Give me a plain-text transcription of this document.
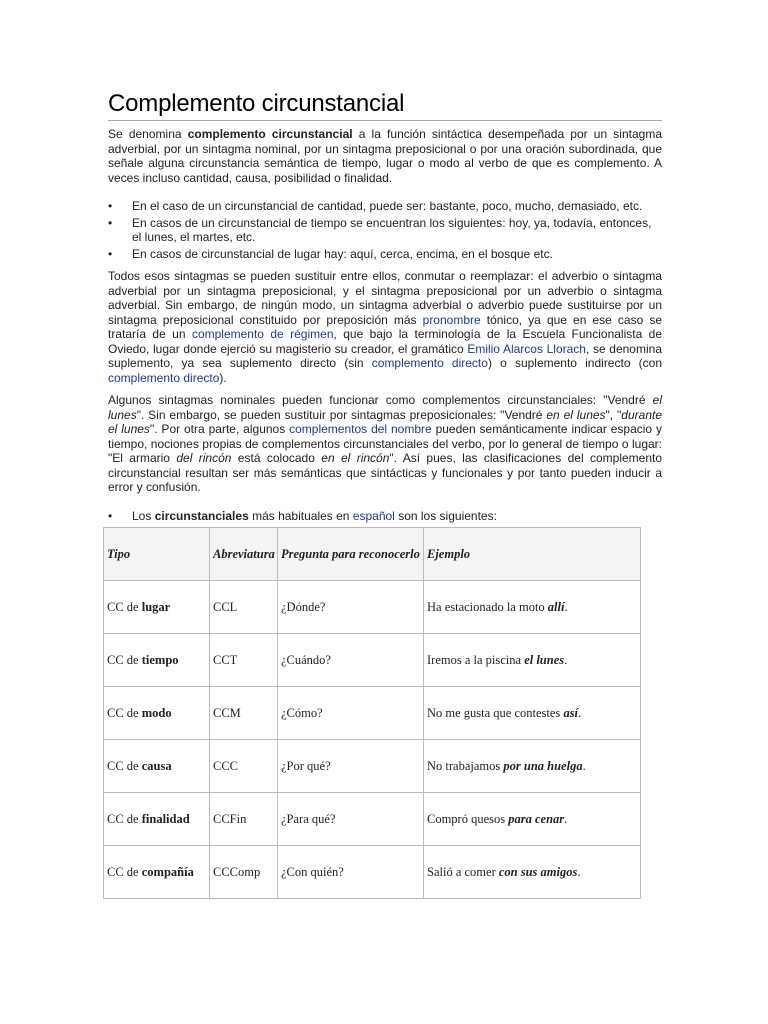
Complemento circunstancial

Se denomina complemento circunstancial a la función sintáctica desempeñada por un sintagma adverbial, por un sintagma nominal, por un sintagma preposicional o por una oración subordinada, que señale alguna circunstancia semántica de tiempo, lugar o modo al verbo de que es complemento. A veces incluso cantidad, causa, posibilidad o finalidad.

• En el caso de un circunstancial de cantidad, puede ser: bastante, poco, mucho, demasiado, etc.
• En casos de un circunstancial de tiempo se encuentran los siguientes: hoy, ya, todavía, entonces, el lunes, el martes, etc.
• En casos de circunstancial de lugar hay: aquí, cerca, encima, en el bosque etc.

Todos esos sintagmas se pueden sustituir entre ellos, conmutar o reemplazar: el adverbio o sintagma adverbial por un sintagma preposicional, y el sintagma preposicional por un adverbio o sintagma adverbial. Sin embargo, de ningún modo, un sintagma adverbial o adverbio puede sustituirse por un sintagma preposicional constituido por preposición más pronombre tónico, ya que en ese caso se trataría de un complemento de régimen, que bajo la terminología de la Escuela Funcionalista de Oviedo, lugar donde ejerció su magisterio su creador, el gramático Emilio Alarcos Llorach, se denomina suplemento, ya sea suplemento directo (sin complemento directo) o suplemento indirecto (con complemento directo).

Algunos sintagmas nominales pueden funcionar como complementos circunstanciales: "Vendré el lunes". Sin embargo, se pueden sustituir por sintagmas preposicionales: "Vendré en el lunes", "durante el lunes". Por otra parte, algunos complementos del nombre pueden semánticamente indicar espacio y tiempo, nociones propias de complementos circunstanciales del verbo, por lo general de tiempo o lugar: "El armario del rincón está colocado en el rincón". Así pues, las clasificaciones del complemento circunstancial resultan ser más semánticas que sintácticas y funcionales y por tanto pueden inducir a error y confusión.

• Los circunstanciales más habituales en español son los siguientes:
Tipo	Abreviatura	Pregunta para reconocerlo	Ejemplo
CC de lugar	CCL	¿Dónde?	Ha estacionado la moto allí.
CC de tiempo	CCT	¿Cuándo?	Iremos a la piscina el lunes.
CC de modo	CCM	¿Cómo?	No me gusta que contestes así.
CC de causa	CCC	¿Por qué?	No trabajamos por una huelga.
CC de finalidad	CCFin	¿Para qué?	Compró quesos para cenar.
CC de compañía	CCComp	¿Con quién?	Salió a comer con sus amigos.
